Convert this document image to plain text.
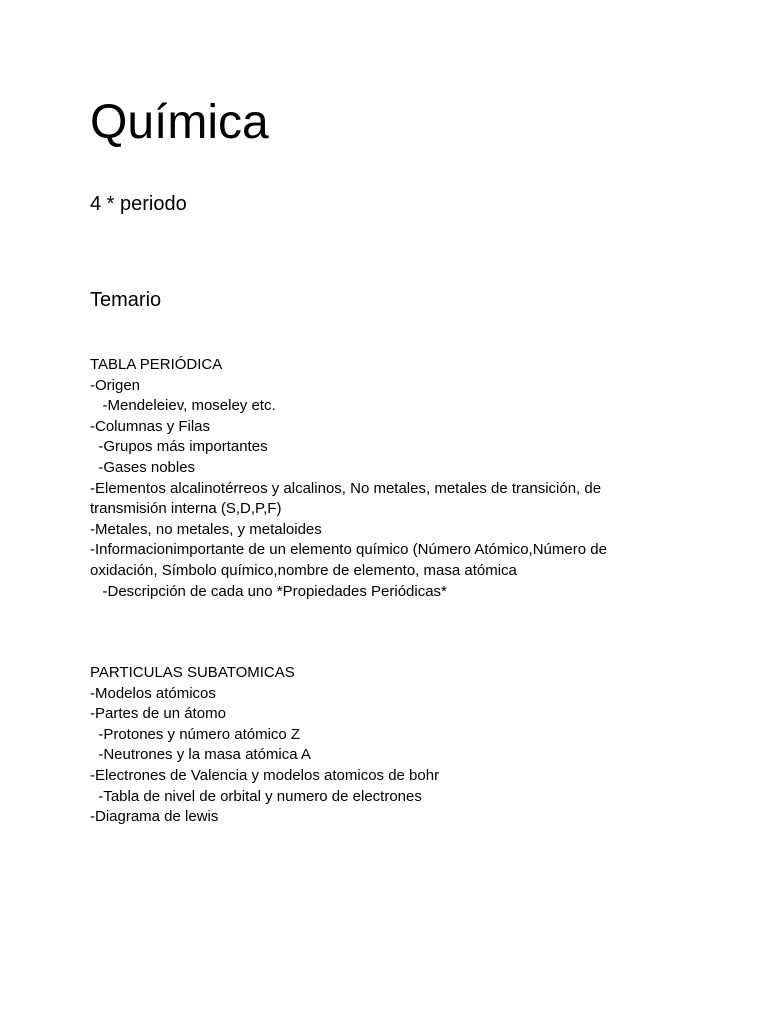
Química
4 * periodo
Temario

TABLA PERIÓDICA

-Origen

-Mendeleiev, moseley etc.

-Columnas y Filas

-Grupos más importantes

-Gases nobles

-Elementos alcalinotérreos y alcalinos, No metales, metales de transición, de transmisión interna (S,D,P,F)

-Metales, no metales, y metaloides

-Informacionimportante de un elemento químico (Número Atómico,Número de oxidación, Símbolo químico,nombre de elemento, masa atómica

-Descripción de cada uno *Propiedades Periódicas*

PARTICULAS SUBATOMICAS

-Modelos atómicos

-Partes de un átomo

-Protones y número atómico Z

-Neutrones y la masa atómica A

-Electrones de Valencia y modelos atomicos de bohr

-Tabla de nivel de orbital y numero de electrones

-Diagrama de lewis
